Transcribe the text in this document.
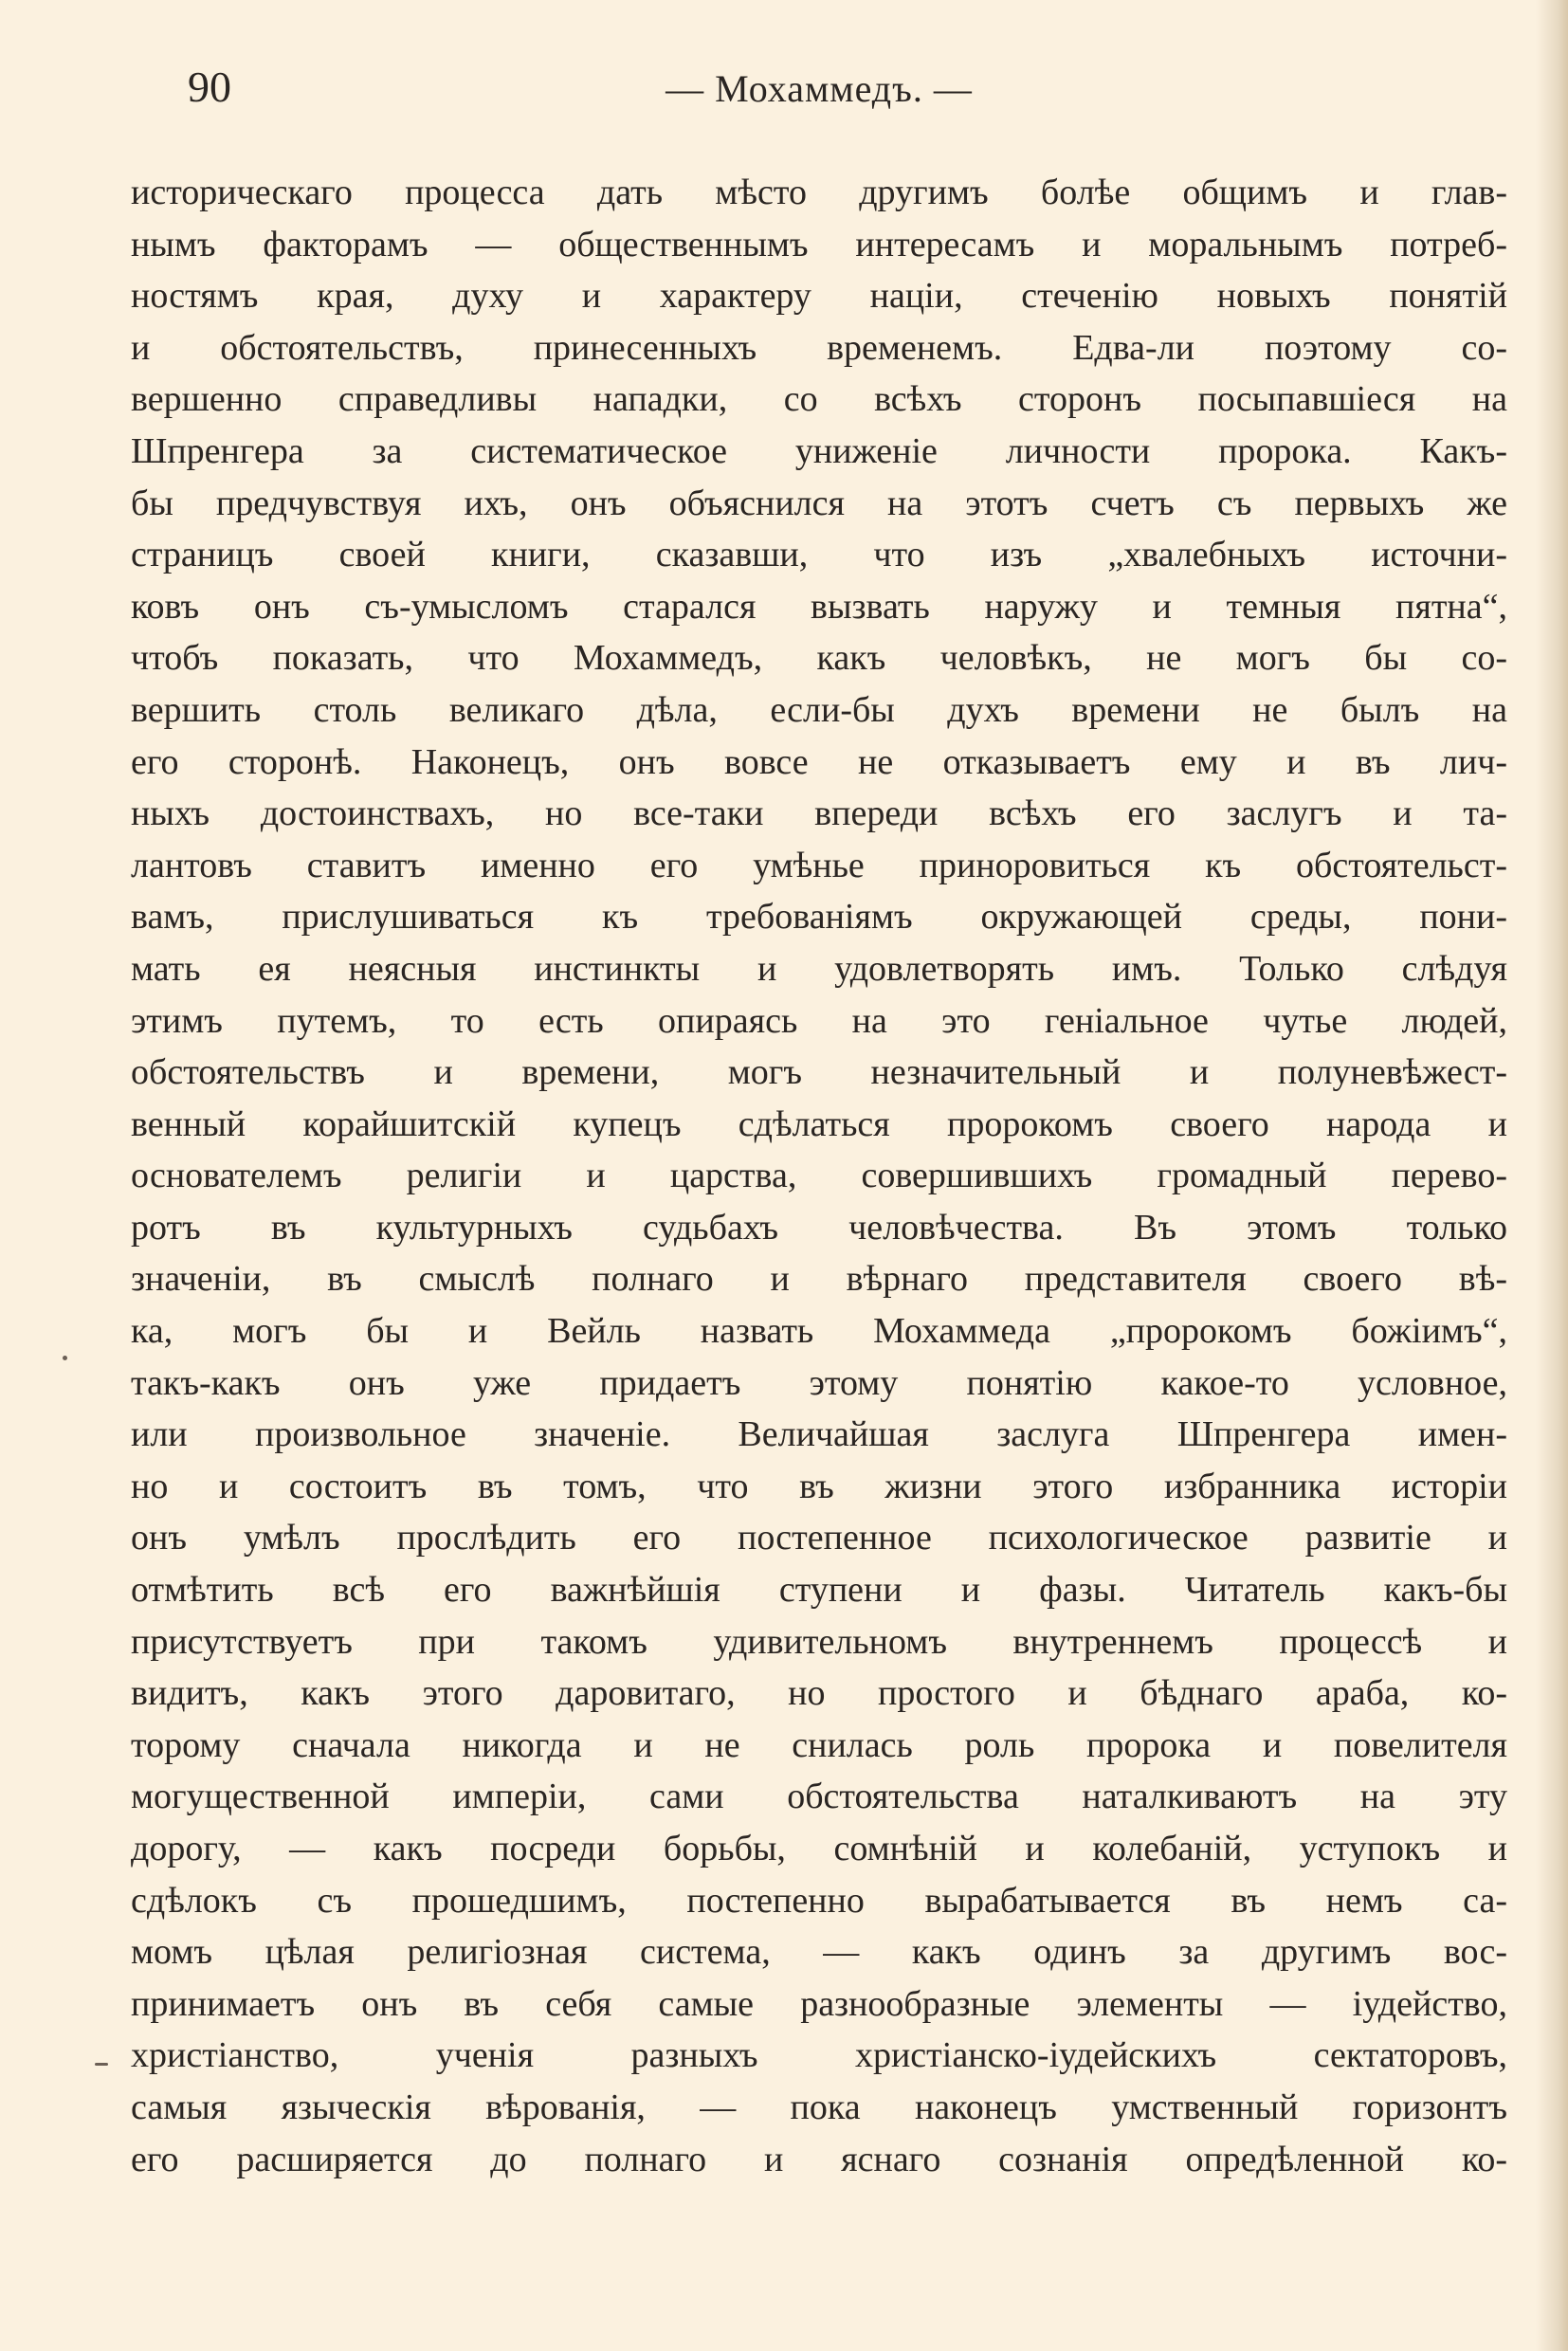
90	— Мохаммедъ. —
историческаго процесса дать мѣсто другимъ болѣе общимъ и глав-
нымъ факторамъ — общественнымъ интересамъ и моральнымъ потреб-
ностямъ края, духу и характеру націи, стеченію новыхъ понятій
и обстоятельствъ, принесенныхъ временемъ. Едва-ли поэтому со-
вершенно справедливы нападки, со всѣхъ сторонъ посыпавшіеся на
Шпренгера за систематическое униженіе личности пророка. Какъ-
бы предчувствуя ихъ, онъ объяснился на этотъ счетъ съ первыхъ же
страницъ своей книги, сказавши, что изъ „хвалебныхъ источни-
ковъ онъ съ-умысломъ старался вызвать наружу и темныя пятна“,
чтобъ показать, что Мохаммедъ, какъ человѣкъ, не могъ бы со-
вершить столь великаго дѣла, если-бы духъ времени не былъ на
его сторонѣ. Наконецъ, онъ вовсе не отказываетъ ему и въ лич-
ныхъ достоинствахъ, но все-таки впереди всѣхъ его заслугъ и та-
лантовъ ставитъ именно его умѣнье приноровиться къ обстоятельст-
вамъ, прислушиваться къ требованіямъ окружающей среды, пони-
мать ея неясныя инстинкты и удовлетворять имъ. Только слѣдуя
этимъ путемъ, то есть опираясь на это геніальное чутье людей,
обстоятельствъ и времени, могъ незначительный и полуневѣжест-
венный корайшитскій купецъ сдѣлаться пророкомъ своего народа и
основателемъ религіи и царства, совершившихъ громадный перево-
ротъ въ культурныхъ судьбахъ человѣчества. Въ этомъ только
значеніи, въ смыслѣ полнаго и вѣрнаго представителя своего вѣ-
ка, могъ бы и Вейль назвать Мохаммеда „пророкомъ божіимъ“,
такъ-какъ онъ уже придаетъ этому понятію какое-то условное,
или произвольное значеніе. Величайшая заслуга Шпренгера имен-
но и состоитъ въ томъ, что въ жизни этого избранника исторіи
онъ умѣлъ прослѣдить его постепенное психологическое развитіе и
отмѣтить всѣ его важнѣйшія ступени и фазы. Читатель какъ-бы
присутствуетъ при такомъ удивительномъ внутреннемъ процессѣ и
видитъ, какъ этого даровитаго, но простого и бѣднаго араба, ко-
торому сначала никогда и не снилась роль пророка и повелителя
могущественной имперіи, сами обстоятельства наталкиваютъ на эту
дорогу, — какъ посреди борьбы, сомнѣній и колебаній, уступокъ и
сдѣлокъ съ прошедшимъ, постепенно вырабатывается въ немъ са-
момъ цѣлая религіозная система, — какъ одинъ за другимъ вос-
принимаетъ онъ въ себя самые разнообразные элементы — іудейство,
христіанство, ученія разныхъ христіанско-іудейскихъ сектаторовъ,
самыя языческія вѣрованія, — пока наконецъ умственный горизонтъ
его расширяется до полнаго и яснаго сознанія опредѣленной ко-
